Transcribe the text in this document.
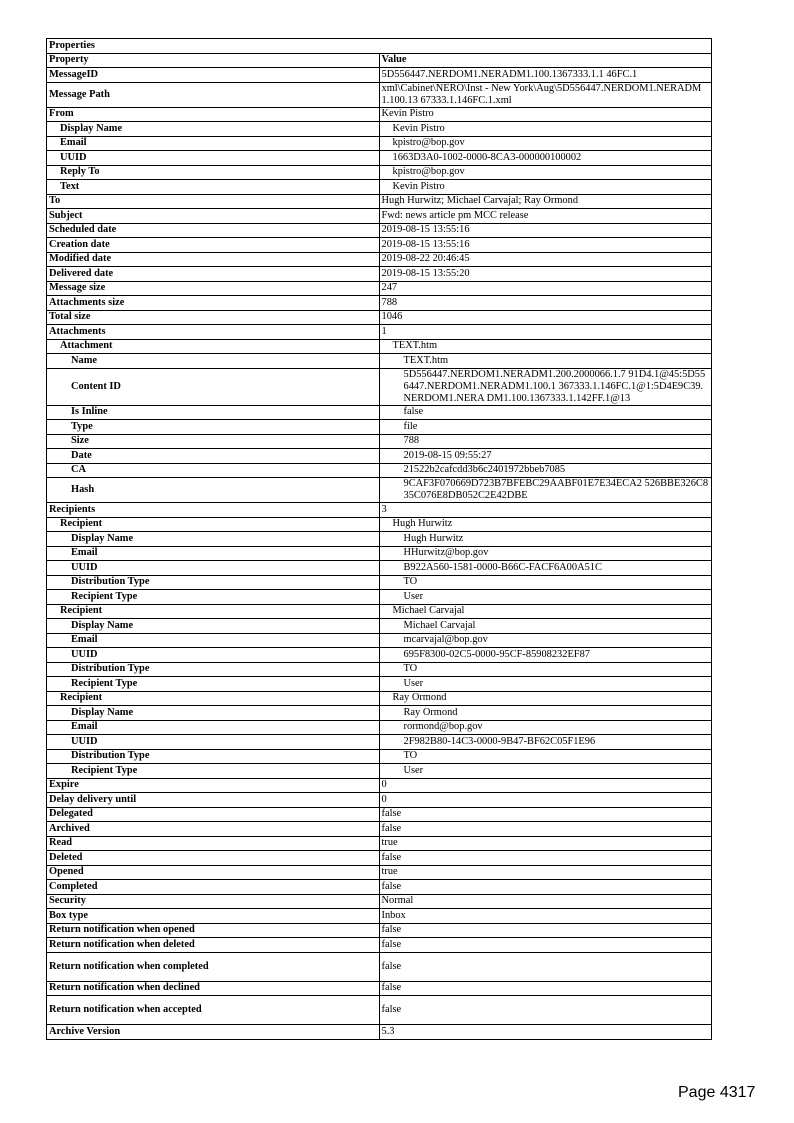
Properties	
Property	Value
MessageID	5D556447.NERDOM1.NERADM1.100.1367333.1.1 46FC.1
Message Path	xml\Cabinet\NERO\Inst - New York\Aug\5D556447.NERDOM1.NERADM1.100.13 67333.1.146FC.1.xml
From	Kevin Pistro
Display Name	Kevin Pistro
Email	kpistro@bop.gov
UUID	1663D3A0-1002-0000-8CA3-000000100002
Reply To	kpistro@bop.gov
Text	Kevin Pistro
To	Hugh Hurwitz; Michael Carvajal; Ray Ormond
Subject	Fwd: news article pm MCC release
Scheduled date	2019-08-15 13:55:16
Creation date	2019-08-15 13:55:16
Modified date	2019-08-22 20:46:45
Delivered date	2019-08-15 13:55:20
Message size	247
Attachments size	788
Total size	1046
Attachments	1
Attachment	TEXT.htm
Name	TEXT.htm
Content ID	5D556447.NERDOM1.NERADM1.200.2000066.1.7 91D4.1@45:5D556447.NERDOM1.NERADM1.100.1 367333.1.146FC.1@1:5D4E9C39.NERDOM1.NERA DM1.100.1367333.1.142FF.1@13
Is Inline	false
Type	file
Size	788
Date	2019-08-15 09:55:27
CA	21522b2cafcdd3b6c2401972bbeb7085
Hash	9CAF3F070669D723B7BFEBC29AABF01E7E34ECA2 526BBE326C835C076E8DB052C2E42DBE
Recipients	3
Recipient	Hugh Hurwitz
Display Name	Hugh Hurwitz
Email	HHurwitz@bop.gov
UUID	B922A560-1581-0000-B66C-FACF6A00A51C
Distribution Type	TO
Recipient Type	User
Recipient	Michael Carvajal
Display Name	Michael Carvajal
Email	mcarvajal@bop.gov
UUID	695F8300-02C5-0000-95CF-85908232EF87
Distribution Type	TO
Recipient Type	User
Recipient	Ray Ormond
Display Name	Ray Ormond
Email	rormond@bop.gov
UUID	2F982B80-14C3-0000-9B47-BF62C05F1E96
Distribution Type	TO
Recipient Type	User
Expire	0
Delay delivery until	0
Delegated	false
Archived	false
Read	true
Deleted	false
Opened	true
Completed	false
Security	Normal
Box type	Inbox
Return notification when opened	false
Return notification when deleted	false
Return notification when completed	false
Return notification when declined	false
Return notification when accepted	false
Archive Version	5.3
Page 4317
